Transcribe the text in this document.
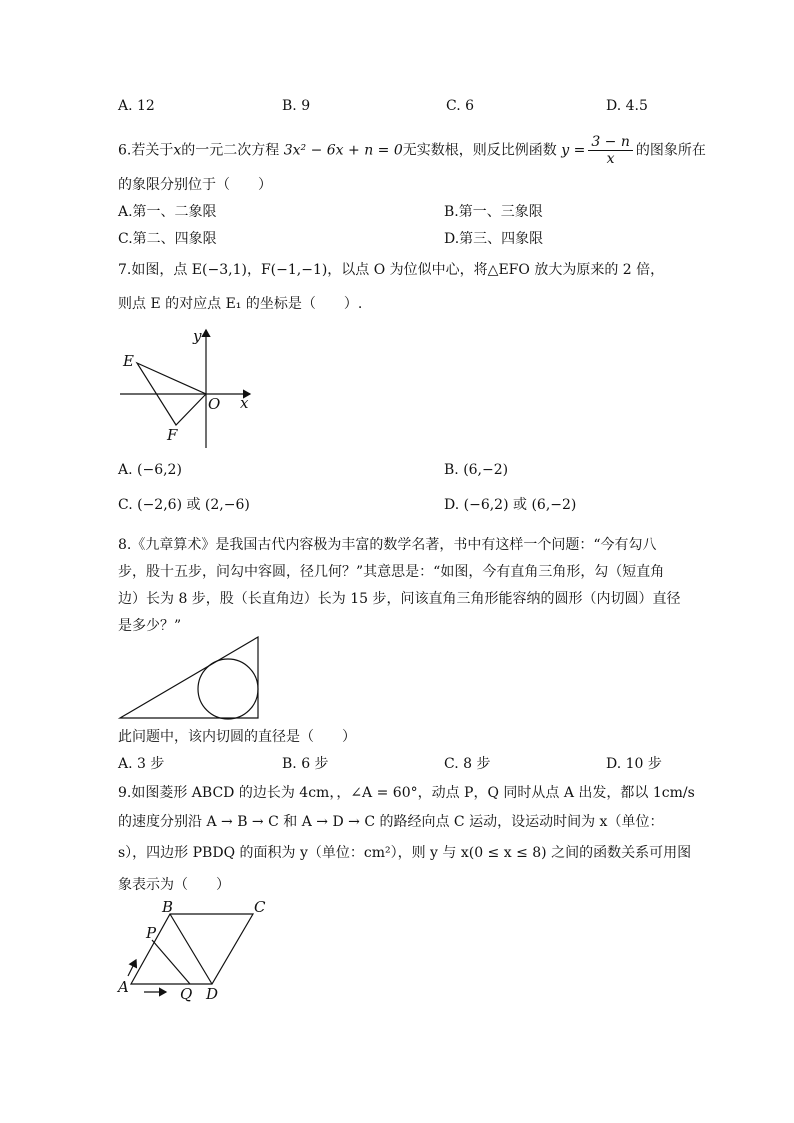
A. 12	B. 9	C. 6	D. 4.5
6.若关于x的一元二次方程 3x² − 6x + n = 0无实数根，则反比例函数 $y = \frac{3 - n}{x}$ 的图象所在
的象限分别位于（　　）
A.第一、二象限	B.第一、三象限
C.第二、四象限	D.第三、四象限
7.如图，点 E(−3,1)，F(−1,−1)，以点 O 为位似中心，将△EFO 放大为原来的 2 倍，
则点 E 的对应点 E₁ 的坐标是（　　）.
y
x
E
O
F
B	C
P
A	Q D
A. (−6,2)	B. (6,−2)
C. (−2,6) 或 (2,−6)	D. (−6,2) 或 (6,−2)
8.《九章算术》是我国古代内容极为丰富的数学名著，书中有这样一个问题：“今有勾八
步，股十五步，问勾中容圆，径几何？”其意思是：“如图，今有直角三角形，勾（短直角
边）长为 8 步，股（长直角边）长为 15 步，问该直角三角形能容纳的圆形（内切圆）直径
是多少？”
此问题中，该内切圆的直径是（　　）
A. 3 步	B. 6 步	C. 8 步	D. 10 步
9.如图菱形 ABCD 的边长为 4cm，，∠A = 60°，动点 P，Q 同时从点 A 出发，都以 1cm/s
的速度分别沿 A → B → C 和 A → D → C 的路经向点 C 运动，设运动时间为 x（单位：
s），四边形 PBDQ 的面积为 y（单位：cm²），则 y 与 x(0 ≤ x ≤ 8) 之间的函数关系可用图
象表示为（　　）
